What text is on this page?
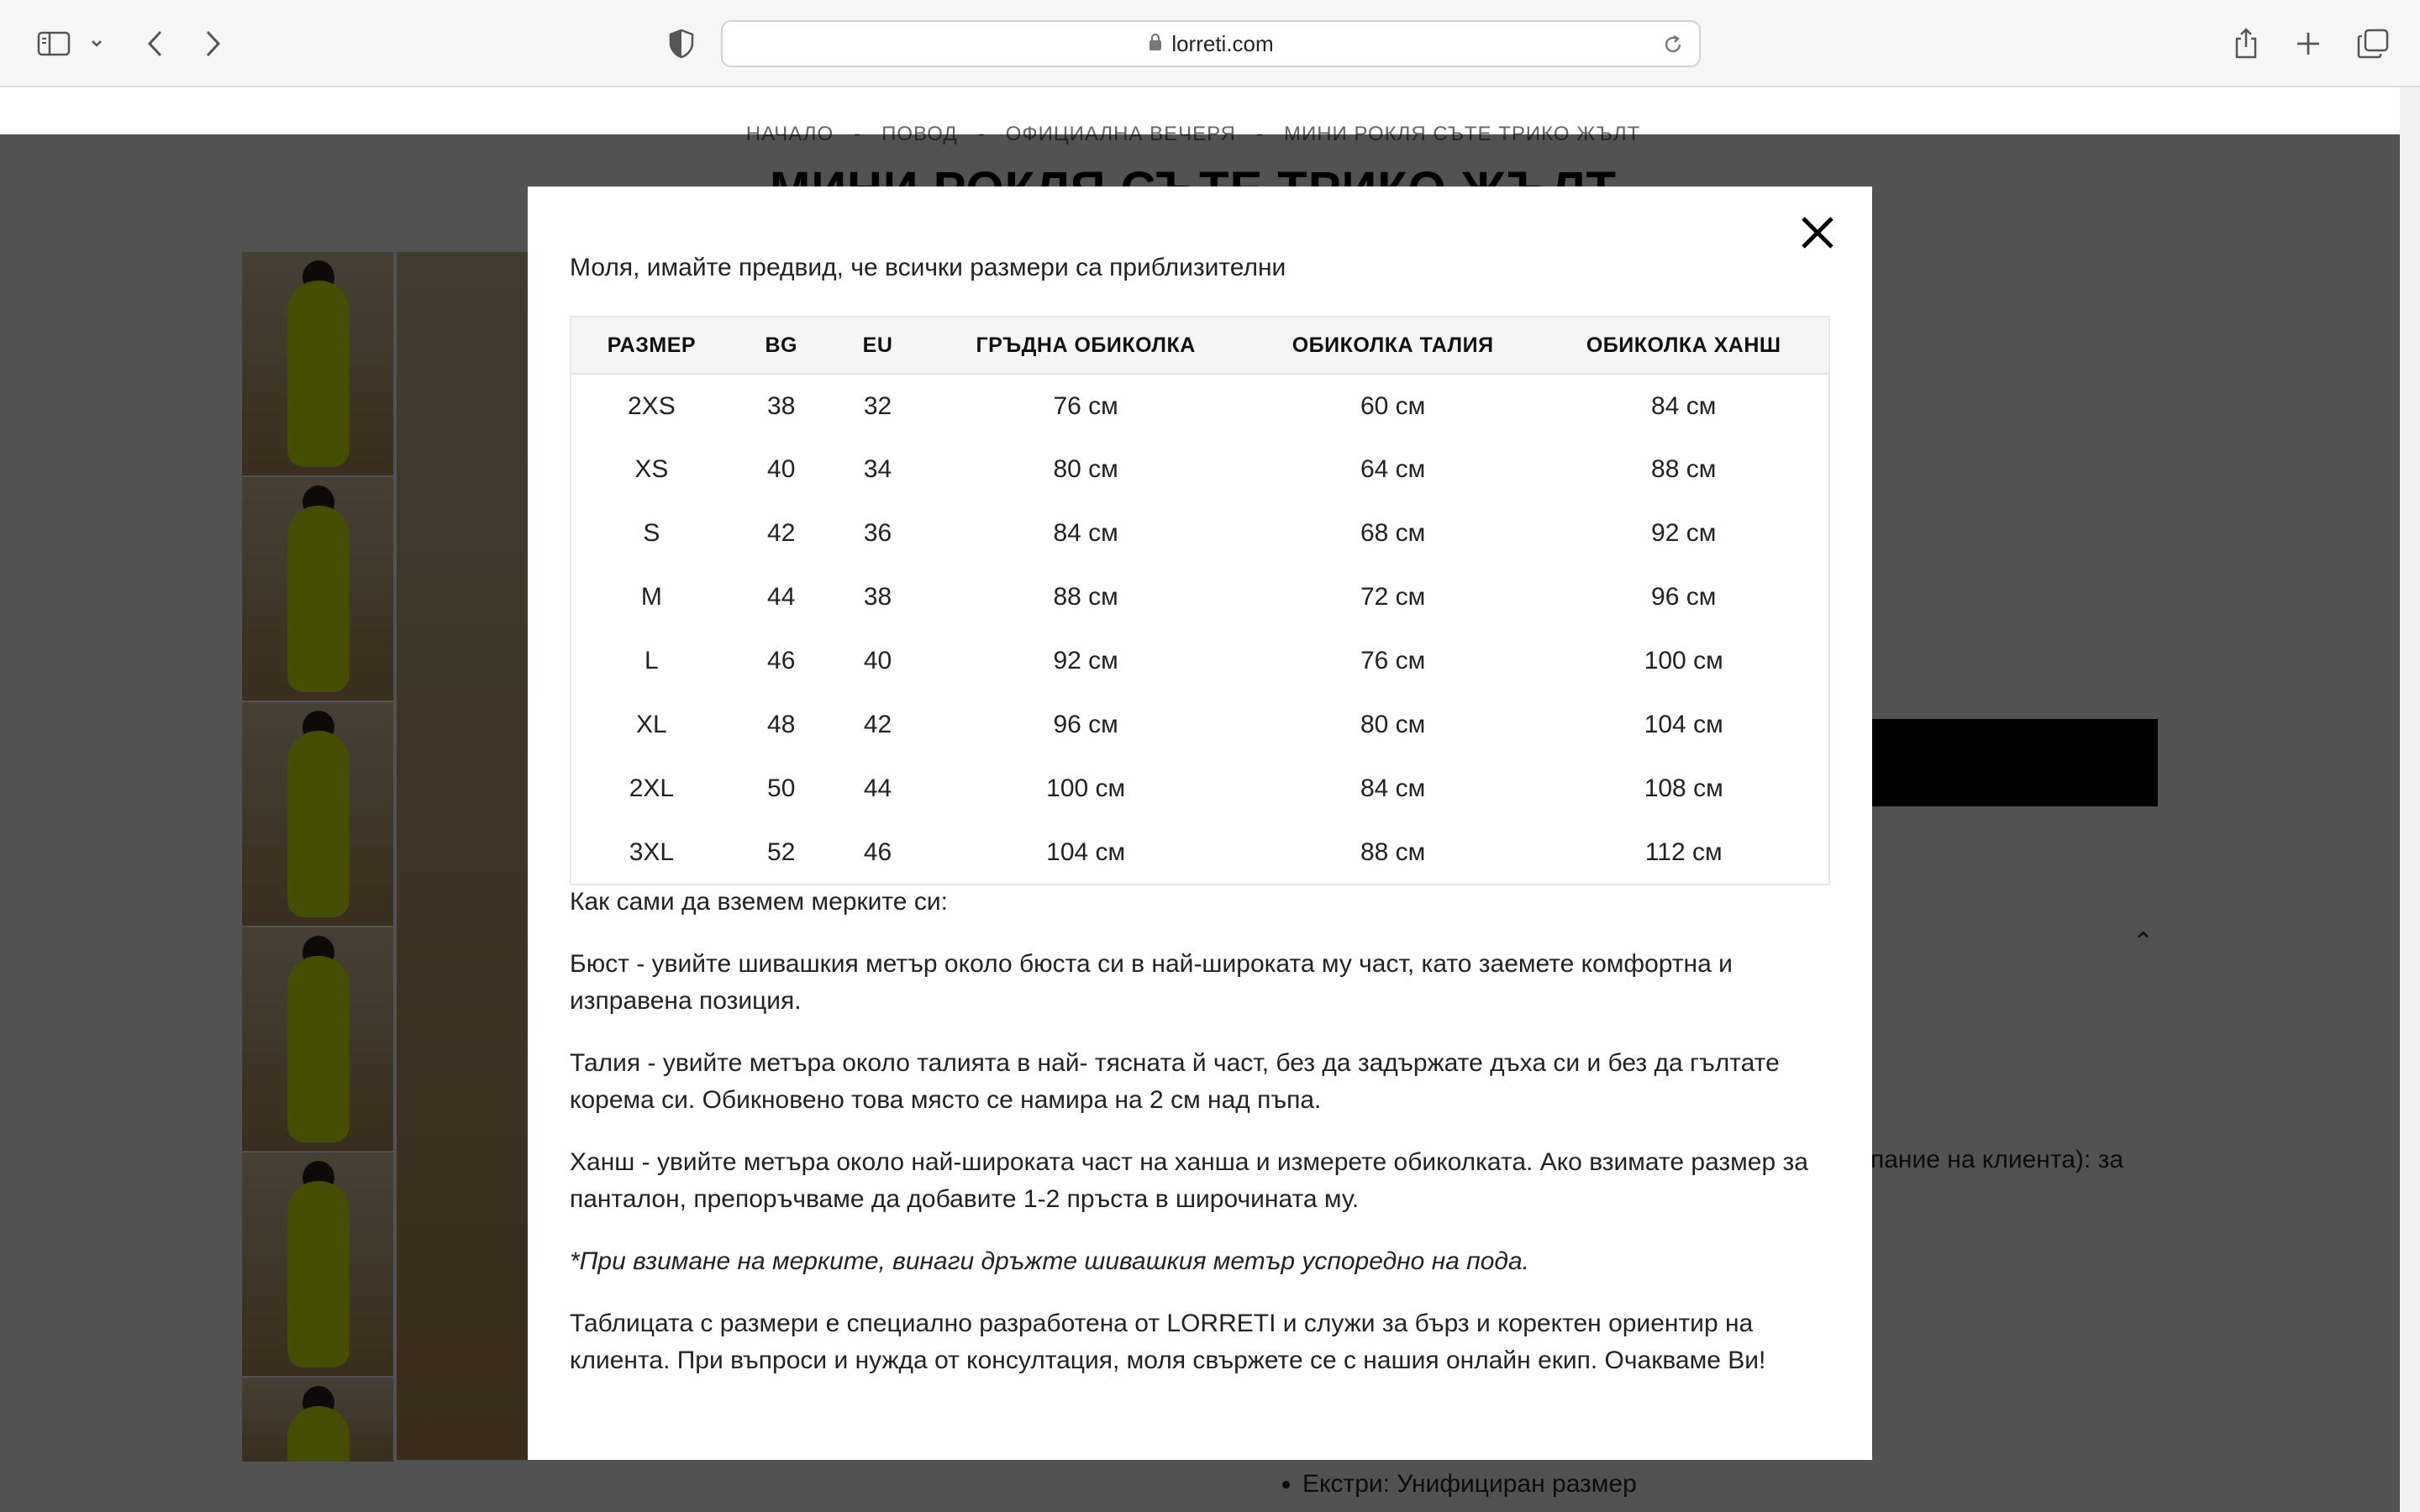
lorreti.com
•
•
Моля, имайте предвид, че всички размери са приблизителни
РАЗМЕР	BG	EU	ГРЪДНА ОБИКОЛКА	ОБИКОЛКА ТАЛИЯ	ОБИКОЛКА ХАНШ
2XS	38	32	76 см	60 см	84 см
XS	40	34	80 см	64 см	88 см
S	42	36	84 см	68 см	92 см
M	44	38	88 см	72 см	96 см
L	46	40	92 см	76 см	100 см
XL	48	42	96 см	80 см	104 см
2XL	50	44	100 см	84 см	108 см
3XL	52	46	104 см	88 см	112 см

Как сами да вземем мерките си:

Бюст - увийте шивашкия метър около бюста си в най-широката му част, като заемете комфортна и изправена позиция.

Талия - увийте метъра около талията в най- тясната й част, без да задържате дъха си и без да гълтате корема си. Обикновено това място се намира на 2 см над пъпа.

Ханш - увийте метъра около най-широката част на ханша и измерете обиколката. Ако взимате размер за панталон, препоръчваме да добавите 1-2 пръста в широчината му.

*При взимане на мерките, винаги дръжте шивашкия метър успоредно на пода.

Таблицата с размери е специално разработена от LORRETI и служи за бърз и коректен ориентир на клиента. При въпроси и нужда от консултация, моля свържете се с нашия онлайн екип. Очакваме Ви!
